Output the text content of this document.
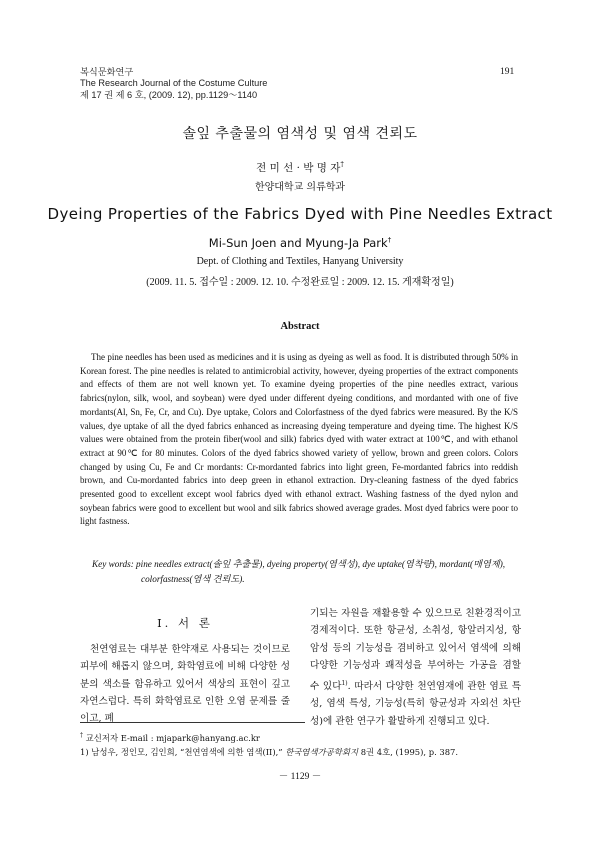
복식문화연구
The Research Journal of the Costume Culture
제 17 권 제 6 호, (2009. 12), pp.1129～1140
191
솔잎 추출물의 염색성 및 염색 견뢰도
전 미 선 · 박 명 자†
한양대학교 의류학과
Dyeing Properties of the Fabrics Dyed with Pine Needles Extract
Mi-Sun Joen and Myung-Ja Park†
Dept. of Clothing and Textiles, Hanyang University
(2009. 11. 5. 접수일 : 2009. 12. 10. 수정완료일 : 2009. 12. 15. 게재확정일)
Abstract

The pine needles has been used as medicines and it is using as dyeing as well as food. It is distributed through 50% in Korean forest. The pine needles is related to antimicrobial activity, however, dyeing properties of the extract components and effects of them are not well known yet. To examine dyeing properties of the pine needles extract, various fabrics(nylon, silk, wool, and soybean) were dyed under different dyeing conditions, and mordanted with one of five mordants(Al, Sn, Fe, Cr, and Cu). Dye uptake, Colors and Colorfastness of the dyed fabrics were measured. By the K/S values, dye uptake of all the dyed fabrics enhanced as increasing dyeing temperature and dyeing time. The highest K/S values were obtained from the protein fiber(wool and silk) fabrics dyed with water extract at 100℃, and with ethanol extract at 90℃ for 80 minutes. Colors of the dyed fabrics showed variety of yellow, brown and green colors. Colors changed by using Cu, Fe and Cr mordants: Cr-mordanted fabrics into light green, Fe-mordanted fabrics into reddish brown, and Cu-mordanted fabrics into deep green in ethanol extraction. Dry-cleaning fastness of the dyed fabrics presented good to excellent except wool fabrics dyed with ethanol extract. Washing fastness of the dyed nylon and soybean fabrics were good to excellent but wool and silk fabrics showed average grades. Most dyed fabrics were poor to light fastness.

Key words: pine needles extract(솔잎 추출물), dyeing property(염색성), dye uptake(염착량), mordant(매염제),
colorfastness(염색 견뢰도).
Ⅰ. 서 론

천연염료는 대부분 한약재로 사용되는 것이므로 피부에 해롭지 않으며, 화학염료에 비해 다양한 성분의 색소를 함유하고 있어서 색상의 표현이 깊고 자연스럽다. 특히 화학염료로 인한 오염 문제를 줄이고, 폐

기되는 자원을 재활용할 수 있으므로 친환경적이고 경제적이다. 또한 항균성, 소취성, 항알러지성, 항암성 등의 기능성을 겸비하고 있어서 염색에 의해 다양한 기능성과 쾌적성을 부여하는 가공을 겸할 수 있다$^{1)}$. 따라서 다양한 천연염재에 관한 염료 특성, 염색 특성, 기능성(특히 항균성과 자외선 차단성)에 관한 연구가 활발하게 진행되고 있다.

† 교신저자 E-mail : mjapark@hanyang.ac.kr
1) 남성우, 정인모, 김인희, “천연염색에 의한 염색(II),” 한국염색가공학회지 8권 4호, (1995), p. 387.
－ 1129 －
